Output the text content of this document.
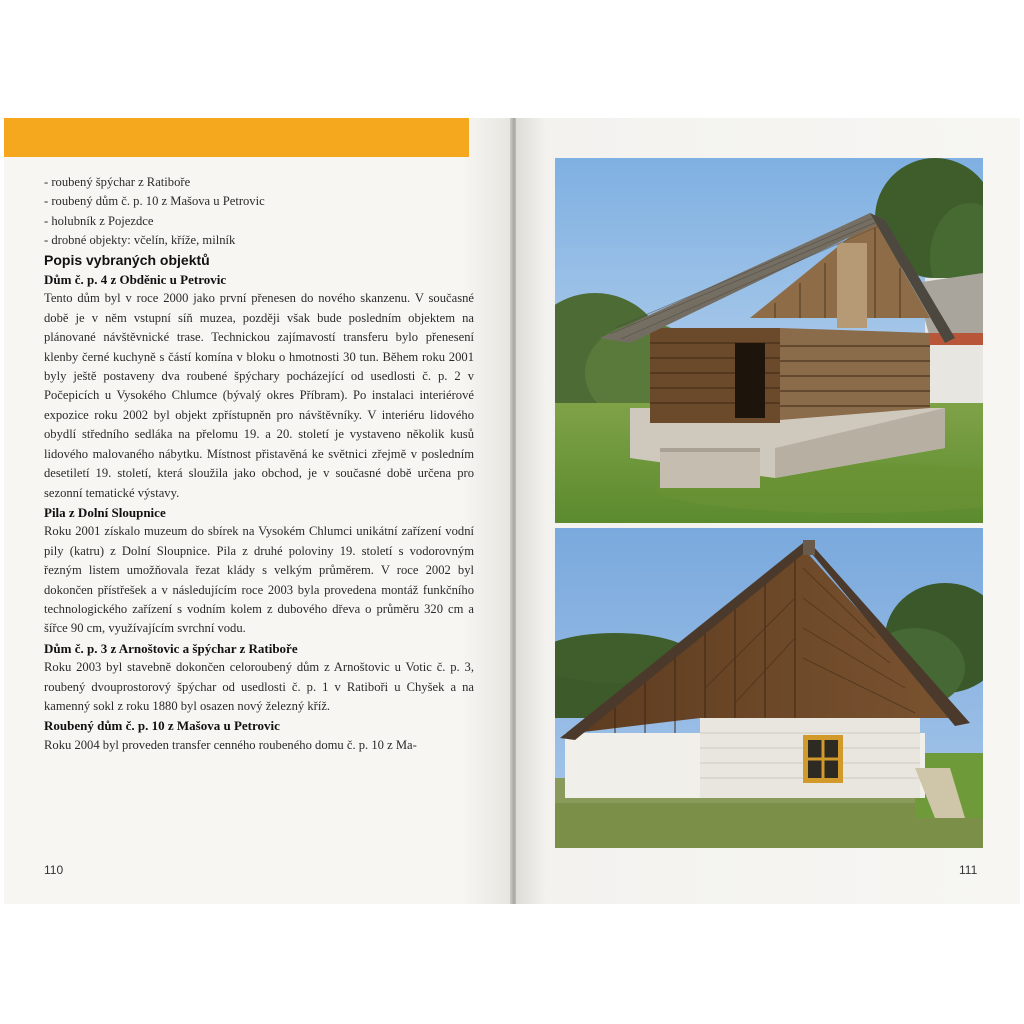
- roubený špýchar z Ratiboře

- roubený dům č. p. 10 z Mašova u Petrovic

- holubník z Pojezdce

- drobné objekty: včelín, kříže, milník

Popis vybraných objektů

Dům č. p. 4 z Obděnic u Petrovic

Tento dům byl v roce 2000 jako první přenesen do nového skanzenu. V současné době je v něm vstupní síň muzea, později však bude posledním objektem na plánované návštěvnické trase. Technickou zajímavostí transferu bylo přenesení klenby černé kuchyně s částí komína v bloku o hmotnosti 30 tun. Během roku 2001 byly ještě postaveny dva roubené špýchary pocházející od usedlosti č. p. 2 v Počepicích u Vysokého Chlumce (bývalý okres Příbram). Po instalaci interiérové expozice roku 2002 byl objekt zpřístupněn pro návštěvníky. V interiéru lidového obydlí středního sedláka na přelomu 19. a 20. století je vystaveno několik kusů lidového malovaného nábytku. Místnost přistavěná ke světnici zřejmě v posledním desetiletí 19. století, která sloužila jako obchod, je v současné době určena pro sezonní tematické výstavy.

Pila z Dolní Sloupnice

Roku 2001 získalo muzeum do sbírek na Vysokém Chlumci unikátní zařízení vodní pily (katru) z Dolní Sloupnice. Pila z druhé poloviny 19. století s vodorovným řezným listem umožňovala řezat klády s velkým průměrem. V roce 2002 byl dokončen přístřešek a v následujícím roce 2003 byla provedena montáž funkčního technologického zařízení s vodním kolem z dubového dřeva o průměru 320 cm a šířce 90 cm, využívajícím svrchní vodu.

Dům č. p. 3 z Arnoštovic a špýchar z Ratiboře

Roku 2003 byl stavebně dokončen celoroubený dům z Arnoštovic u Votic č. p. 3, roubený dvouprostorový špýchar od usedlosti č. p. 1 v Ratiboři u Chyšek a na kamenný sokl z roku 1880 byl osazen nový železný kříž.

Roubený dům č. p. 10 z Mašova u Petrovic

Roku 2004 byl proveden transfer cenného roubeného domu č. p. 10 z Ma-

110	111
